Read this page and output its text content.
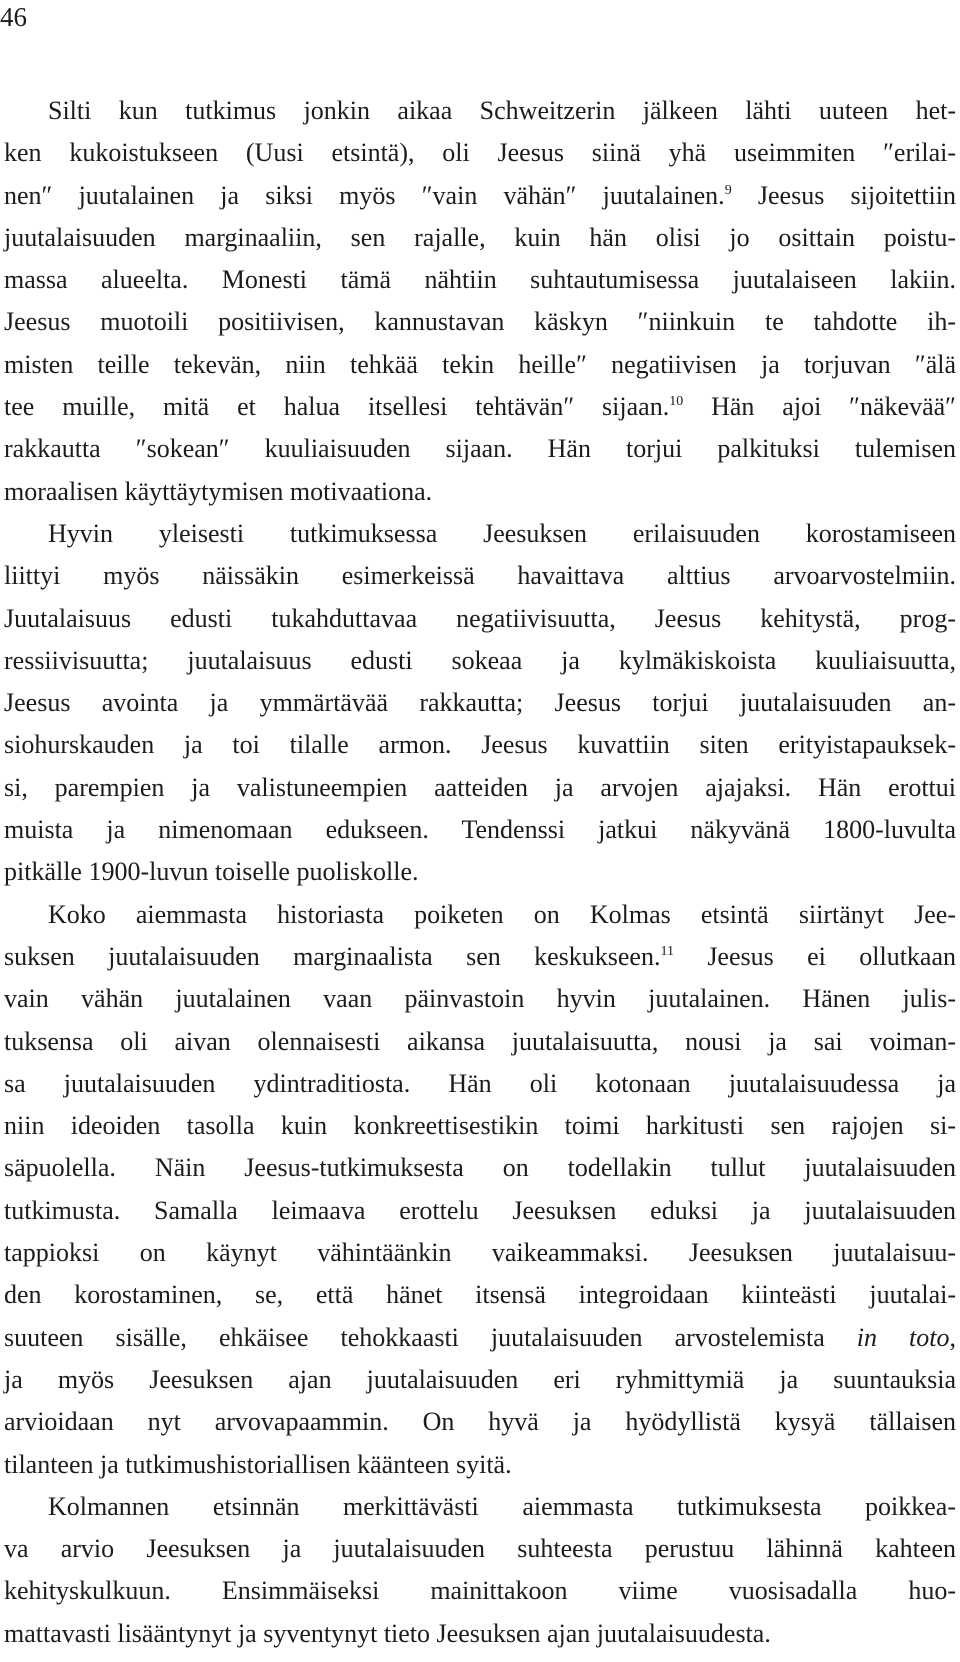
46
Silti kun tutkimus jonkin aikaa Schweitzerin jälkeen lähti uuteen het-
ken kukoistukseen (Uusi etsintä), oli Jeesus siinä yhä useimmiten ″erilai-
nen″ juutalainen ja siksi myös ″vain vähän″ juutalainen.$^9$ Jeesus sijoitettiin
juutalaisuuden marginaaliin, sen rajalle, kuin hän olisi jo osittain poistu-
massa alueelta. Monesti tämä nähtiin suhtautumisessa juutalaiseen lakiin.
Jeesus muotoili positiivisen, kannustavan käskyn ″niinkuin te tahdotte ih-
misten teille tekevän, niin tehkää tekin heille″ negatiivisen ja torjuvan ″älä
tee muille, mitä et halua itsellesi tehtävän″ sijaan.$^{10}$ Hän ajoi ″näkevää″
rakkautta ″sokean″ kuuliaisuuden sijaan. Hän torjui palkituksi tulemisen
moraalisen käyttäytymisen motivaationa.
Hyvin yleisesti tutkimuksessa Jeesuksen erilaisuuden korostamiseen
liittyi myös näissäkin esimerkeissä havaittava alttius arvoarvostelmiin.
Juutalaisuus edusti tukahduttavaa negatiivisuutta, Jeesus kehitystä, prog-
ressiivisuutta; juutalaisuus edusti sokeaa ja kylmäkiskoista kuuliaisuutta,
Jeesus avointa ja ymmärtävää rakkautta; Jeesus torjui juutalaisuuden an-
siohurskauden ja toi tilalle armon. Jeesus kuvattiin siten erityistapauksek-
si, parempien ja valistuneempien aatteiden ja arvojen ajajaksi. Hän erottui
muista ja nimenomaan edukseen. Tendenssi jatkui näkyvänä 1800-luvulta
pitkälle 1900-luvun toiselle puoliskolle.
Koko aiemmasta historiasta poiketen on Kolmas etsintä siirtänyt Jee-
suksen juutalaisuuden marginaalista sen keskukseen.$^{11}$ Jeesus ei ollutkaan
vain vähän juutalainen vaan päinvastoin hyvin juutalainen. Hänen julis-
tuksensa oli aivan olennaisesti aikansa juutalaisuutta, nousi ja sai voiman-
sa juutalaisuuden ydintraditiosta. Hän oli kotonaan juutalaisuudessa ja
niin ideoiden tasolla kuin konkreettisestikin toimi harkitusti sen rajojen si-
säpuolella. Näin Jeesus-tutkimuksesta on todellakin tullut juutalaisuuden
tutkimusta. Samalla leimaava erottelu Jeesuksen eduksi ja juutalaisuuden
tappioksi on käynyt vähintäänkin vaikeammaksi. Jeesuksen juutalaisuu-
den korostaminen, se, että hänet itsensä integroidaan kiinteästi juutalai-
suuteen sisälle, ehkäisee tehokkaasti juutalaisuuden arvostelemista in toto,
ja myös Jeesuksen ajan juutalaisuuden eri ryhmittymiä ja suuntauksia
arvioidaan nyt arvovapaammin. On hyvä ja hyödyllistä kysyä tällaisen
tilanteen ja tutkimushistoriallisen käänteen syitä.
Kolmannen etsinnän merkittävästi aiemmasta tutkimuksesta poikkea-
va arvio Jeesuksen ja juutalaisuuden suhteesta perustuu lähinnä kahteen
kehityskulkuun. Ensimmäiseksi mainittakoon viime vuosisadalla huo-
mattavasti lisääntynyt ja syventynyt tieto Jeesuksen ajan juutalaisuudesta.
